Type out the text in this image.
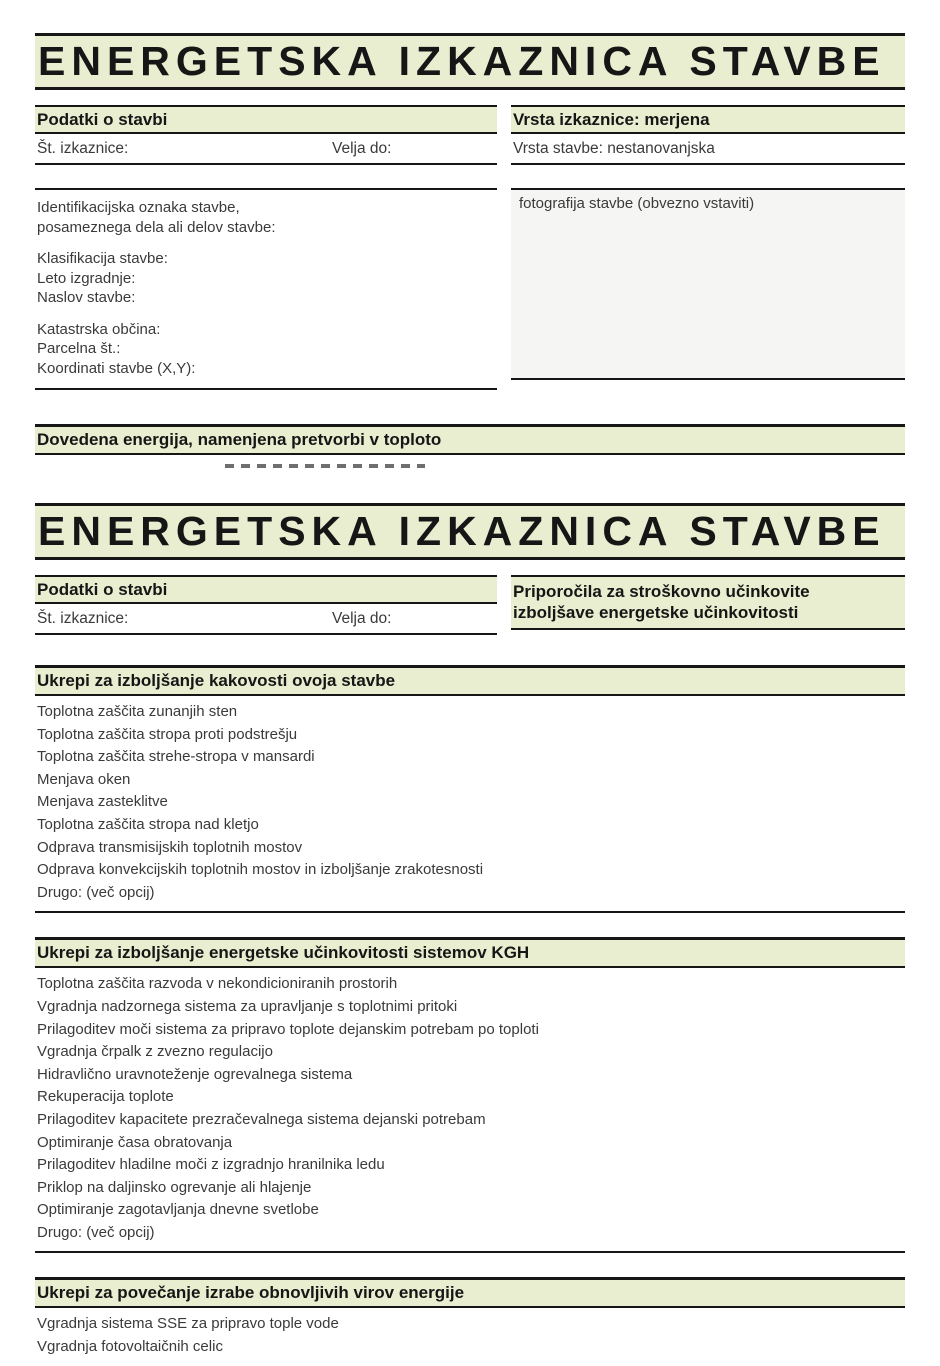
ENERGETSKA IZKAZNICA STAVBE
Podatki o stavbi
Št. izkaznice:	Velja do:
Vrsta izkaznice: merjena
Vrsta stavbe: nestanovanjska
Identifikacijska oznaka stavbe,
posameznega dela ali delov stavbe:
Klasifikacija stavbe:
Leto izgradnje:
Naslov stavbe:
Katastrska občina:
Parcelna št.:
Koordinati stavbe (X,Y):
fotografija stavbe (obvezno vstaviti)
Dovedena energija, namenjena pretvorbi v toploto
ENERGETSKA IZKAZNICA STAVBE
Podatki o stavbi
Št. izkaznice:	Velja do:
Priporočila za stroškovno učinkovite
izboljšave energetske učinkovitosti
Ukrepi za izboljšanje kakovosti ovoja stavbe
Toplotna zaščita zunanjih sten
Toplotna zaščita stropa proti podstrešju
Toplotna zaščita strehe-stropa v mansardi
Menjava oken
Menjava zasteklitve
Toplotna zaščita stropa nad kletjo
Odprava transmisijskih toplotnih mostov
Odprava konvekcijskih toplotnih mostov in izboljšanje zrakotesnosti
Drugo: (več opcij)
Ukrepi za izboljšanje energetske učinkovitosti sistemov KGH
Toplotna zaščita razvoda v nekondicioniranih prostorih
Vgradnja nadzornega sistema za upravljanje s toplotnimi pritoki
Prilagoditev moči sistema za pripravo toplote dejanskim potrebam po toploti
Vgradnja črpalk z zvezno regulacijo
Hidravlično uravnoteženje ogrevalnega sistema
Rekuperacija toplote
Prilagoditev kapacitete prezračevalnega sistema dejanski potrebam
Optimiranje časa obratovanja
Prilagoditev hladilne moči z izgradnjo hranilnika ledu
Priklop na daljinsko ogrevanje ali hlajenje
Optimiranje zagotavljanja dnevne svetlobe
Drugo: (več opcij)
Ukrepi za povečanje izrabe obnovljivih virov energije
Vgradnja sistema SSE za pripravo tople vode
Vgradnja fotovoltaičnih celic
